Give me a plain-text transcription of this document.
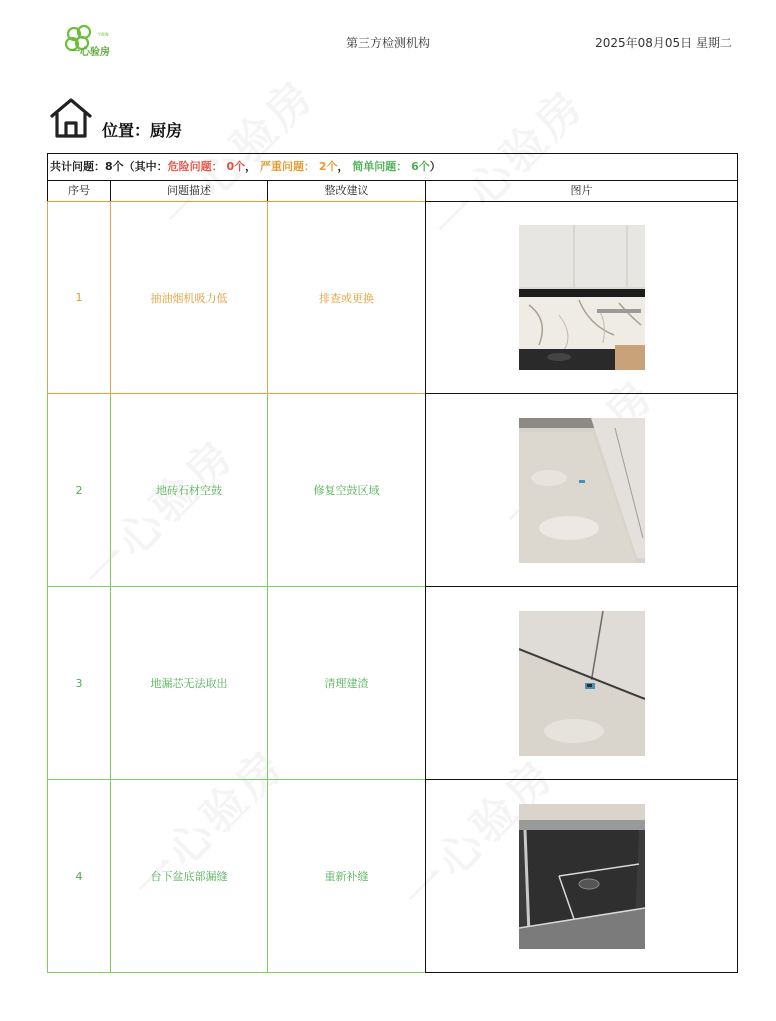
YIXIN
一心验房
第三方检测机构	2025年08月05日 星期二
位置：厨房
共计问题：8个（其中：危险问题： 0个， 严重问题： 2个， 简单问题： 6个）
序号	问题描述	整改建议	图片
1	抽油烟机吸力低	排查或更换
2	地砖石材空鼓	修复空鼓区域
3	地漏芯无法取出	清理建渣
4	台下盆底部漏缝	重新补缝
